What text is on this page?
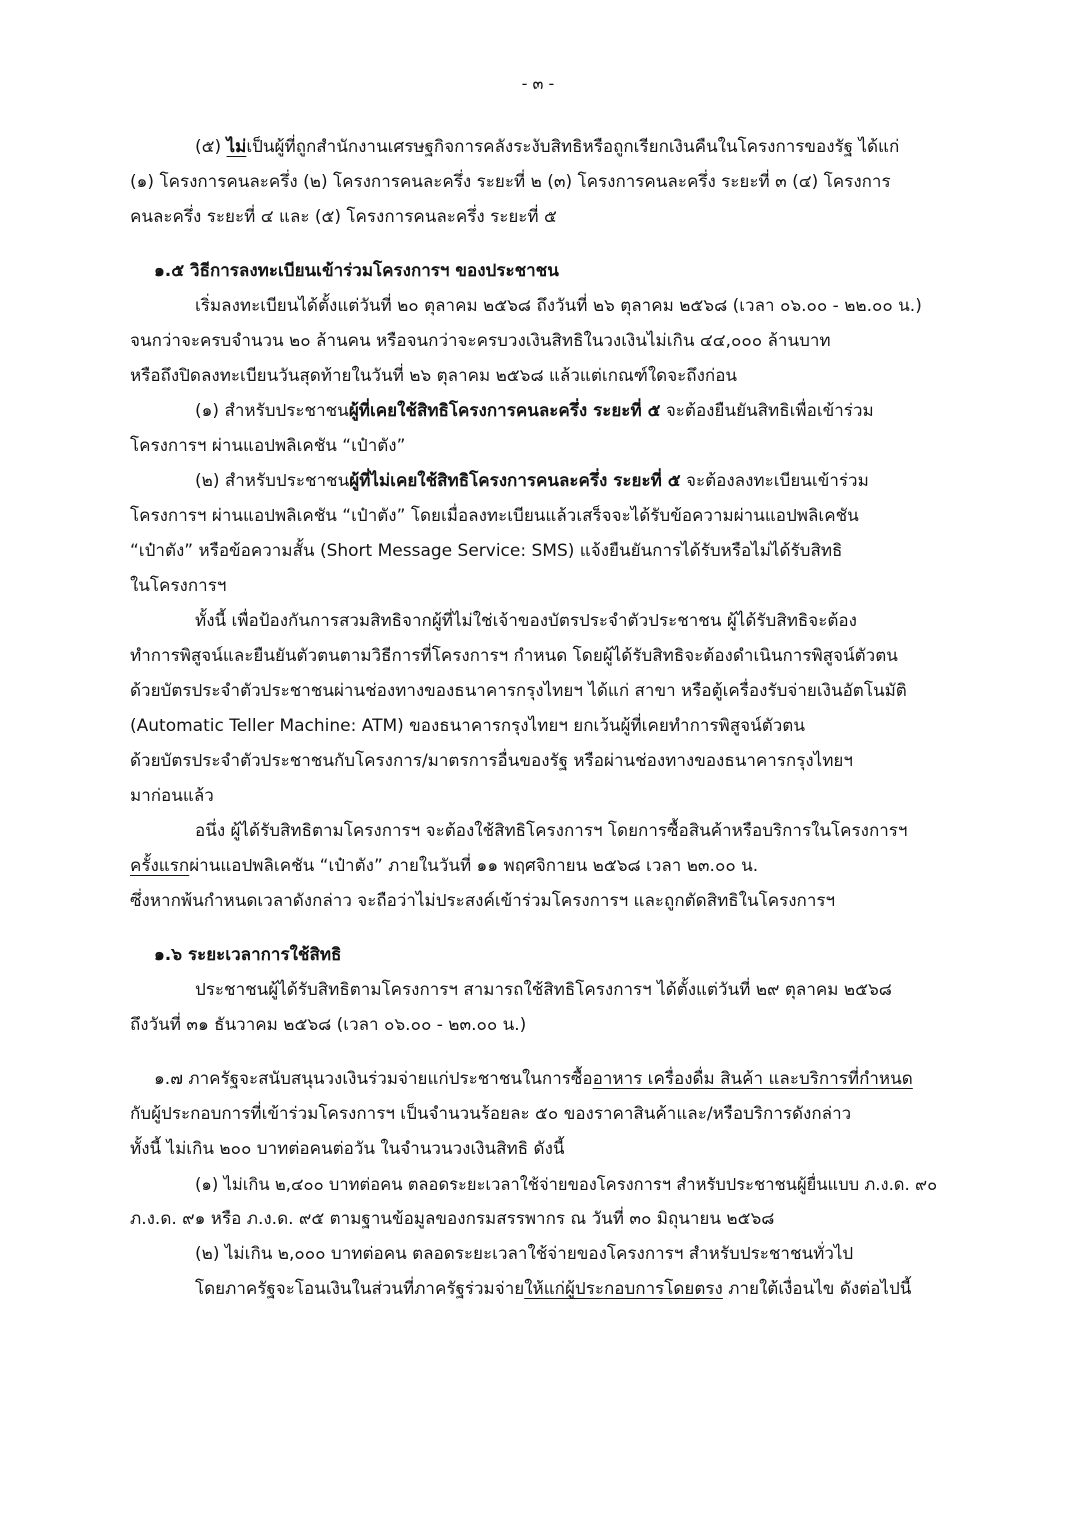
- ๓ -
(๕) ไม่เป็นผู้ที่ถูกสำนักงานเศรษฐกิจการคลังระงับสิทธิหรือถูกเรียกเงินคืนในโครงการของรัฐ ได้แก่
(๑) โครงการคนละครึ่ง (๒) โครงการคนละครึ่ง ระยะที่ ๒ (๓) โครงการคนละครึ่ง ระยะที่ ๓ (๔) โครงการ
คนละครึ่ง ระยะที่ ๔ และ (๕) โครงการคนละครึ่ง ระยะที่ ๕
๑.๕ วิธีการลงทะเบียนเข้าร่วมโครงการฯ ของประชาชน
เริ่มลงทะเบียนได้ตั้งแต่วันที่ ๒๐ ตุลาคม ๒๕๖๘ ถึงวันที่ ๒๖ ตุลาคม ๒๕๖๘ (เวลา ๐๖.๐๐ - ๒๒.๐๐ น.)
จนกว่าจะครบจำนวน ๒๐ ล้านคน หรือจนกว่าจะครบวงเงินสิทธิในวงเงินไม่เกิน ๔๔,๐๐๐ ล้านบาท
หรือถึงปิดลงทะเบียนวันสุดท้ายในวันที่ ๒๖ ตุลาคม ๒๕๖๘ แล้วแต่เกณฑ์ใดจะถึงก่อน
(๑) สำหรับประชาชนผู้ที่เคยใช้สิทธิโครงการคนละครึ่ง ระยะที่ ๕ จะต้องยืนยันสิทธิเพื่อเข้าร่วม
โครงการฯ ผ่านแอปพลิเคชัน “เป๋าตัง”
(๒) สำหรับประชาชนผู้ที่ไม่เคยใช้สิทธิโครงการคนละครึ่ง ระยะที่ ๕ จะต้องลงทะเบียนเข้าร่วม
โครงการฯ ผ่านแอปพลิเคชัน “เป๋าตัง” โดยเมื่อลงทะเบียนแล้วเสร็จจะได้รับข้อความผ่านแอปพลิเคชัน
“เป๋าตัง” หรือข้อความสั้น (Short Message Service: SMS) แจ้งยืนยันการได้รับหรือไม่ได้รับสิทธิ
ในโครงการฯ
ทั้งนี้ เพื่อป้องกันการสวมสิทธิจากผู้ที่ไม่ใช่เจ้าของบัตรประจำตัวประชาชน ผู้ได้รับสิทธิจะต้อง
ทำการพิสูจน์และยืนยันตัวตนตามวิธีการที่โครงการฯ กำหนด โดยผู้ได้รับสิทธิจะต้องดำเนินการพิสูจน์ตัวตน
ด้วยบัตรประจำตัวประชาชนผ่านช่องทางของธนาคารกรุงไทยฯ ได้แก่ สาขา หรือตู้เครื่องรับจ่ายเงินอัตโนมัติ
(Automatic Teller Machine: ATM) ของธนาคารกรุงไทยฯ ยกเว้นผู้ที่เคยทำการพิสูจน์ตัวตน
ด้วยบัตรประจำตัวประชาชนกับโครงการ/มาตรการอื่นของรัฐ หรือผ่านช่องทางของธนาคารกรุงไทยฯ
มาก่อนแล้ว
อนึ่ง ผู้ได้รับสิทธิตามโครงการฯ จะต้องใช้สิทธิโครงการฯ โดยการซื้อสินค้าหรือบริการในโครงการฯ
ครั้งแรกผ่านแอปพลิเคชัน “เป๋าตัง” ภายในวันที่ ๑๑ พฤศจิกายน ๒๕๖๘ เวลา ๒๓.๐๐ น.
ซึ่งหากพ้นกำหนดเวลาดังกล่าว จะถือว่าไม่ประสงค์เข้าร่วมโครงการฯ และถูกตัดสิทธิในโครงการฯ
๑.๖ ระยะเวลาการใช้สิทธิ
ประชาชนผู้ได้รับสิทธิตามโครงการฯ สามารถใช้สิทธิโครงการฯ ได้ตั้งแต่วันที่ ๒๙ ตุลาคม ๒๕๖๘
ถึงวันที่ ๓๑ ธันวาคม ๒๕๖๘ (เวลา ๐๖.๐๐ - ๒๓.๐๐ น.)
๑.๗ ภาครัฐจะสนับสนุนวงเงินร่วมจ่ายแก่ประชาชนในการซื้ออาหาร เครื่องดื่ม สินค้า และบริการที่กำหนด
กับผู้ประกอบการที่เข้าร่วมโครงการฯ เป็นจำนวนร้อยละ ๕๐ ของราคาสินค้าและ/หรือบริการดังกล่าว
ทั้งนี้ ไม่เกิน ๒๐๐ บาทต่อคนต่อวัน ในจำนวนวงเงินสิทธิ ดังนี้
(๑) ไม่เกิน ๒,๔๐๐ บาทต่อคน ตลอดระยะเวลาใช้จ่ายของโครงการฯ สำหรับประชาชนผู้ยื่นแบบ ภ.ง.ด. ๙๐
ภ.ง.ด. ๙๑ หรือ ภ.ง.ด. ๙๕ ตามฐานข้อมูลของกรมสรรพากร ณ วันที่ ๓๐ มิถุนายน ๒๕๖๘
(๒) ไม่เกิน ๒,๐๐๐ บาทต่อคน ตลอดระยะเวลาใช้จ่ายของโครงการฯ สำหรับประชาชนทั่วไป
โดยภาครัฐจะโอนเงินในส่วนที่ภาครัฐร่วมจ่ายให้แก่ผู้ประกอบการโดยตรง ภายใต้เงื่อนไข ดังต่อไปนี้
